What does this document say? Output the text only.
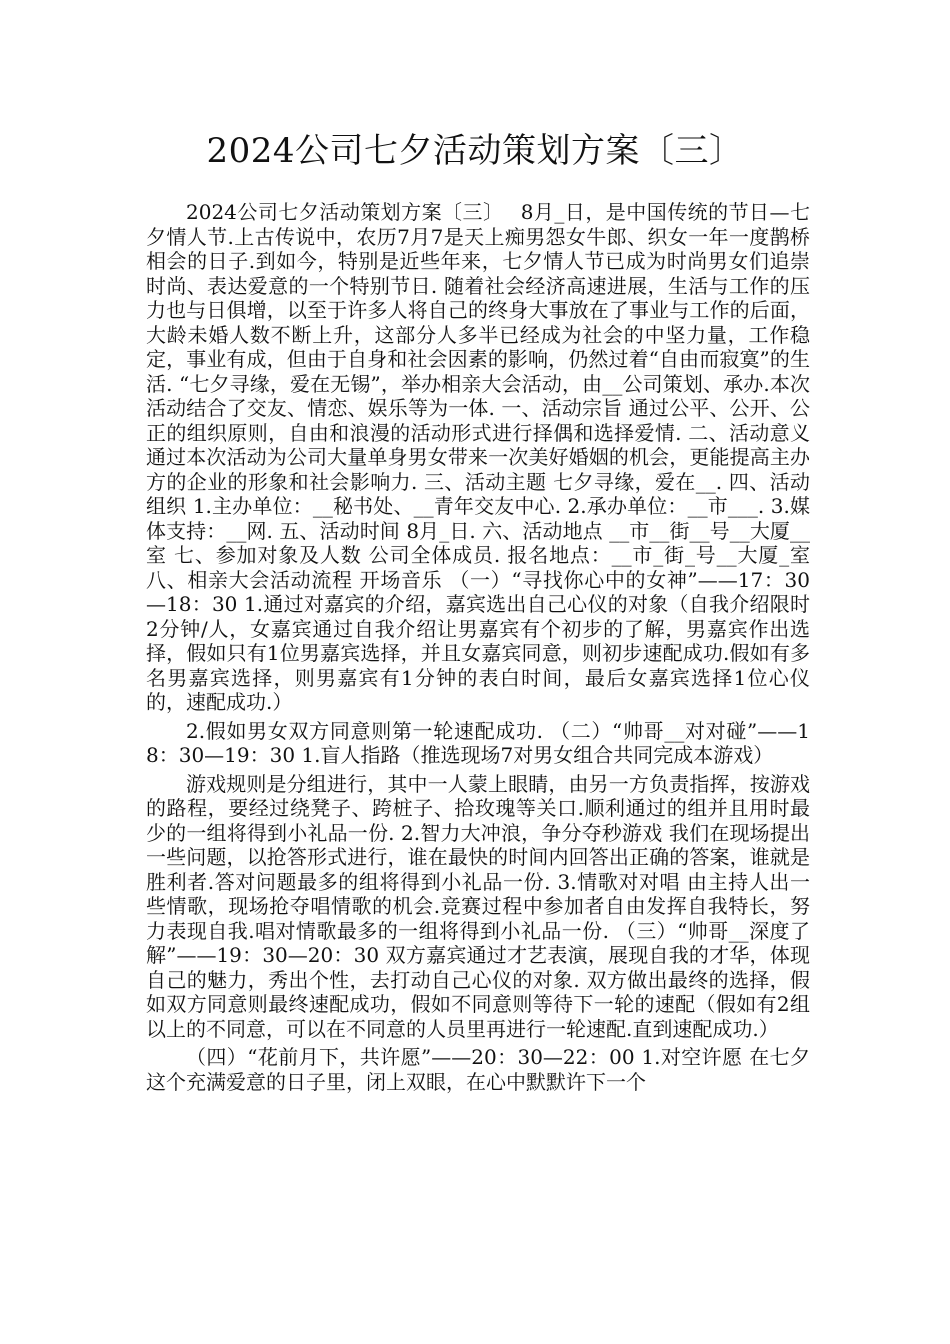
2024公司七夕活动策划方案〔三〕

2024公司七夕活动策划方案〔三〕　 8月_日，是中国传统的节日—七夕情人节.上古传说中，农历7月7是天上痴男怨女牛郎、织女一年一度鹊桥相会的日子.到如今，特别是近些年来，七夕情人节已成为时尚男女们追崇时尚、表达爱意的一个特别节日. 随着社会经济高速进展，生活与工作的压力也与日俱增，以至于许多人将自己的终身大事放在了事业与工作的后面，大龄未婚人数不断上升，这部分人多半已经成为社会的中坚力量，工作稳定，事业有成，但由于自身和社会因素的影响，仍然过着“自由而寂寞”的生活. “七夕寻缘，爱在无锡”，举办相亲大会活动，由__公司策划、承办.本次活动结合了交友、情恋、娱乐等为一体. 一、活动宗旨 通过公平、公开、公正的组织原则，自由和浪漫的活动形式进行择偶和选择爱情. 二、活动意义 通过本次活动为公司大量单身男女带来一次美好婚姻的机会，更能提高主办方的企业的形象和社会影响力. 三、活动主题 七夕寻缘，爱在__. 四、活动组织 1.主办单位：__秘书处、__青年交友中心. 2.承办单位：__市___. 3.媒体支持：__网. 五、活动时间 8月_日. 六、活动地点 __市__街__号__大厦__室 七、参加对象及人数 公司全体成员. 报名地点：__市_街_号__大厦_室 八、相亲大会活动流程 开场音乐 （一）“寻找你心中的女神”——17：30—18：30 1.通过对嘉宾的介绍，嘉宾选出自己心仪的对象（自我介绍限时2分钟/人，女嘉宾通过自我介绍让男嘉宾有个初步的了解，男嘉宾作出选择，假如只有1位男嘉宾选择，并且女嘉宾同意，则初步速配成功.假如有多名男嘉宾选择，则男嘉宾有1分钟的表白时间，最后女嘉宾选择1位心仪的，速配成功.）

2.假如男女双方同意则第一轮速配成功. （二）“帅哥__对对碰”——18：30—19：30 1.盲人指路（推选现场7对男女组合共同完成本游戏）

游戏规则是分组进行，其中一人蒙上眼睛，由另一方负责指挥，按游戏的路程，要经过绕凳子、跨桩子、拾玫瑰等关口.顺利通过的组并且用时最少的一组将得到小礼品一份. 2.智力大冲浪，争分夺秒游戏 我们在现场提出一些问题，以抢答形式进行，谁在最快的时间内回答出正确的答案，谁就是胜利者.答对问题最多的组将得到小礼品一份. 3.情歌对对唱 由主持人出一些情歌，现场抢夺唱情歌的机会.竞赛过程中参加者自由发挥自我特长，努力表现自我.唱对情歌最多的一组将得到小礼品一份. （三）“帅哥__深度了解”——19：30—20：30 双方嘉宾通过才艺表演，展现自我的才华，体现自己的魅力，秀出个性，去打动自己心仪的对象. 双方做出最终的选择，假如双方同意则最终速配成功，假如不同意则等待下一轮的速配（假如有2组以上的不同意，可以在不同意的人员里再进行一轮速配.直到速配成功.）

（四）“花前月下，共许愿”——20：30—22：00 1.对空许愿 在七夕这个充满爱意的日子里，闭上双眼，在心中默默许下一个
